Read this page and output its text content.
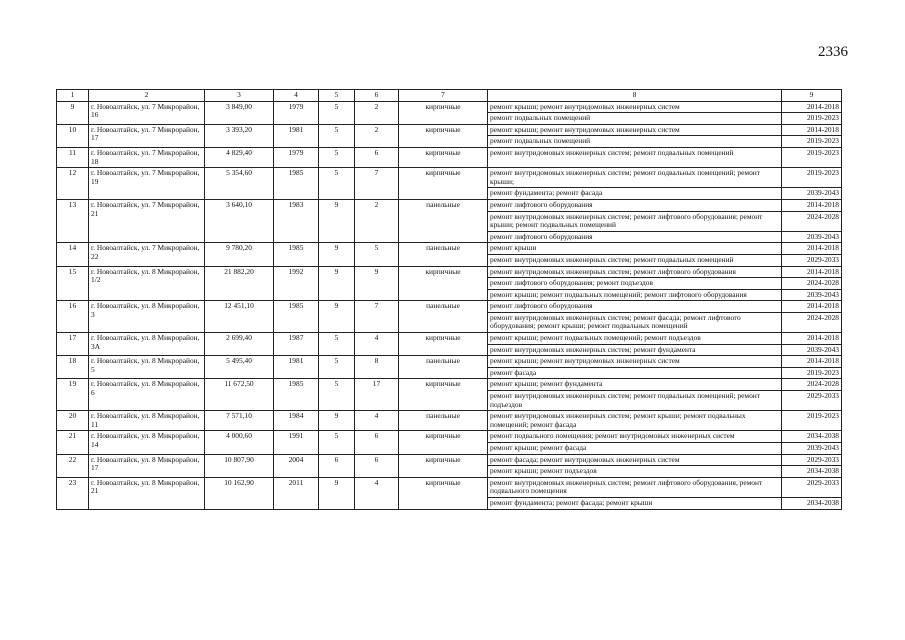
2336
1	2	3	4	5	6	7	8	9
9	г. Новоалтайск, ул. 7 Микрорайон, 16	3 849,00	1979	5	2	кирпичные	ремонт крыши; ремонт внутридомовых инженерных систем	2014-2018
							ремонт подвальных помещений	2019-2023
10	г. Новоалтайск, ул. 7 Микрорайон, 17	3 393,20	1981	5	2	кирпичные	ремонт крыши; ремонт внутридомовых инженерных систем	2014-2018
							ремонт подвальных помещений	2019-2023
11	г. Новоалтайск, ул. 7 Микрорайон, 18	4 829,40	1979	5	6	кирпичные	ремонт внутридомовых инженерных систем; ремонт подвальных помещений	2019-2023
12	г. Новоалтайск, ул. 7 Микрорайон, 19	5 354,60	1985	5	7	кирпичные	ремонт внутридомовых инженерных систем; ремонт подвальных помещений; ремонт крыши;	2019-2023
							ремонт фундамента; ремонт фасада	2039-2043
13	г. Новоалтайск, ул. 7 Микрорайон, 21	3 640,10	1983	9	2	панельные	ремонт лифтового оборудования	2014-2018
							ремонт внутридомовых инженерных систем; ремонт лифтового оборудования; ремонт крыши; ремонт подвальных помещений	2024-2028
							ремонт лифтового оборудования	2039-2043
14	г. Новоалтайск, ул. 7 Микрорайон, 22	9 780,20	1985	9	5	панельные	ремонт крыши	2014-2018
							ремонт внутридомовых инженерных систем; ремонт подвальных помещений	2029-2033
15	г. Новоалтайск, ул. 8 Микрорайон, 1/2	21 882,20	1992	9	9	кирпичные	ремонт внутридомовых инженерных систем; ремонт лифтового оборудования	2014-2018
							ремонт лифтового оборудования; ремонт подъездов	2024-2028
							ремонт крыши; ремонт подвальных помещений; ремонт лифтового оборудования	2039-2043
16	г. Новоалтайск, ул. 8 Микрорайон, 3	12 451,10	1985	9	7	панельные	ремонт лифтового оборудования	2014-2018
							ремонт внутридомовых инженерных систем; ремонт фасада; ремонт лифтового оборудования; ремонт крыши; ремонт подвальных помещений	2024-2028
17	г. Новоалтайск, ул. 8 Микрорайон, 3А	2 699,40	1987	5	4	кирпичные	ремонт крыши; ремонт подвальных помещений; ремонт подъездов	2014-2018
							ремонт внутридомовых инженерных систем; ремонт фундамента	2039-2043
18	г. Новоалтайск, ул. 8 Микрорайон, 5	5 495,40	1981	5	8	панельные	ремонт крыши; ремонт внутридомовых инженерных систем	2014-2018
							ремонт фасада	2019-2023
19	г. Новоалтайск, ул. 8 Микрорайон, 6	11 672,50	1985	5	17	кирпичные	ремонт крыши; ремонт фундамента	2024-2028
							ремонт внутридомовых инженерных систем; ремонт подвальных помещений; ремонт подъездов	2029-2033
20	г. Новоалтайск, ул. 8 Микрорайон, 11	7 571,10	1984	9	4	панельные	ремонт внутридомовых инженерных систем; ремонт крыши; ремонт подвальных помещений; ремонт фасада	2019-2023
21	г. Новоалтайск, ул. 8 Микрорайон, 14	4 000,60	1991	5	6	кирпичные	ремонт подвального помещения; ремонт внутридомовых инженерных систем	2034-2038
							ремонт крыши; ремонт фасада	2039-2043
22	г. Новоалтайск, ул. 8 Микрорайон, 17	10 807,90	2004	6	6	кирпичные	ремонт фасада; ремонт внутридомовых инженерных систем	2029-2033
							ремонт крыши; ремонт подъездов	2034-2038
23	г. Новоалтайск, ул. 8 Микрорайон, 21	10 162,90	2011	9	4	кирпичные	ремонт внутридомовых инженерных систем; ремонт лифтового оборудования, ремонт подвального помещения	2029-2033
							ремонт фундамента; ремонт фасада; ремонт крыши	2034-2038
